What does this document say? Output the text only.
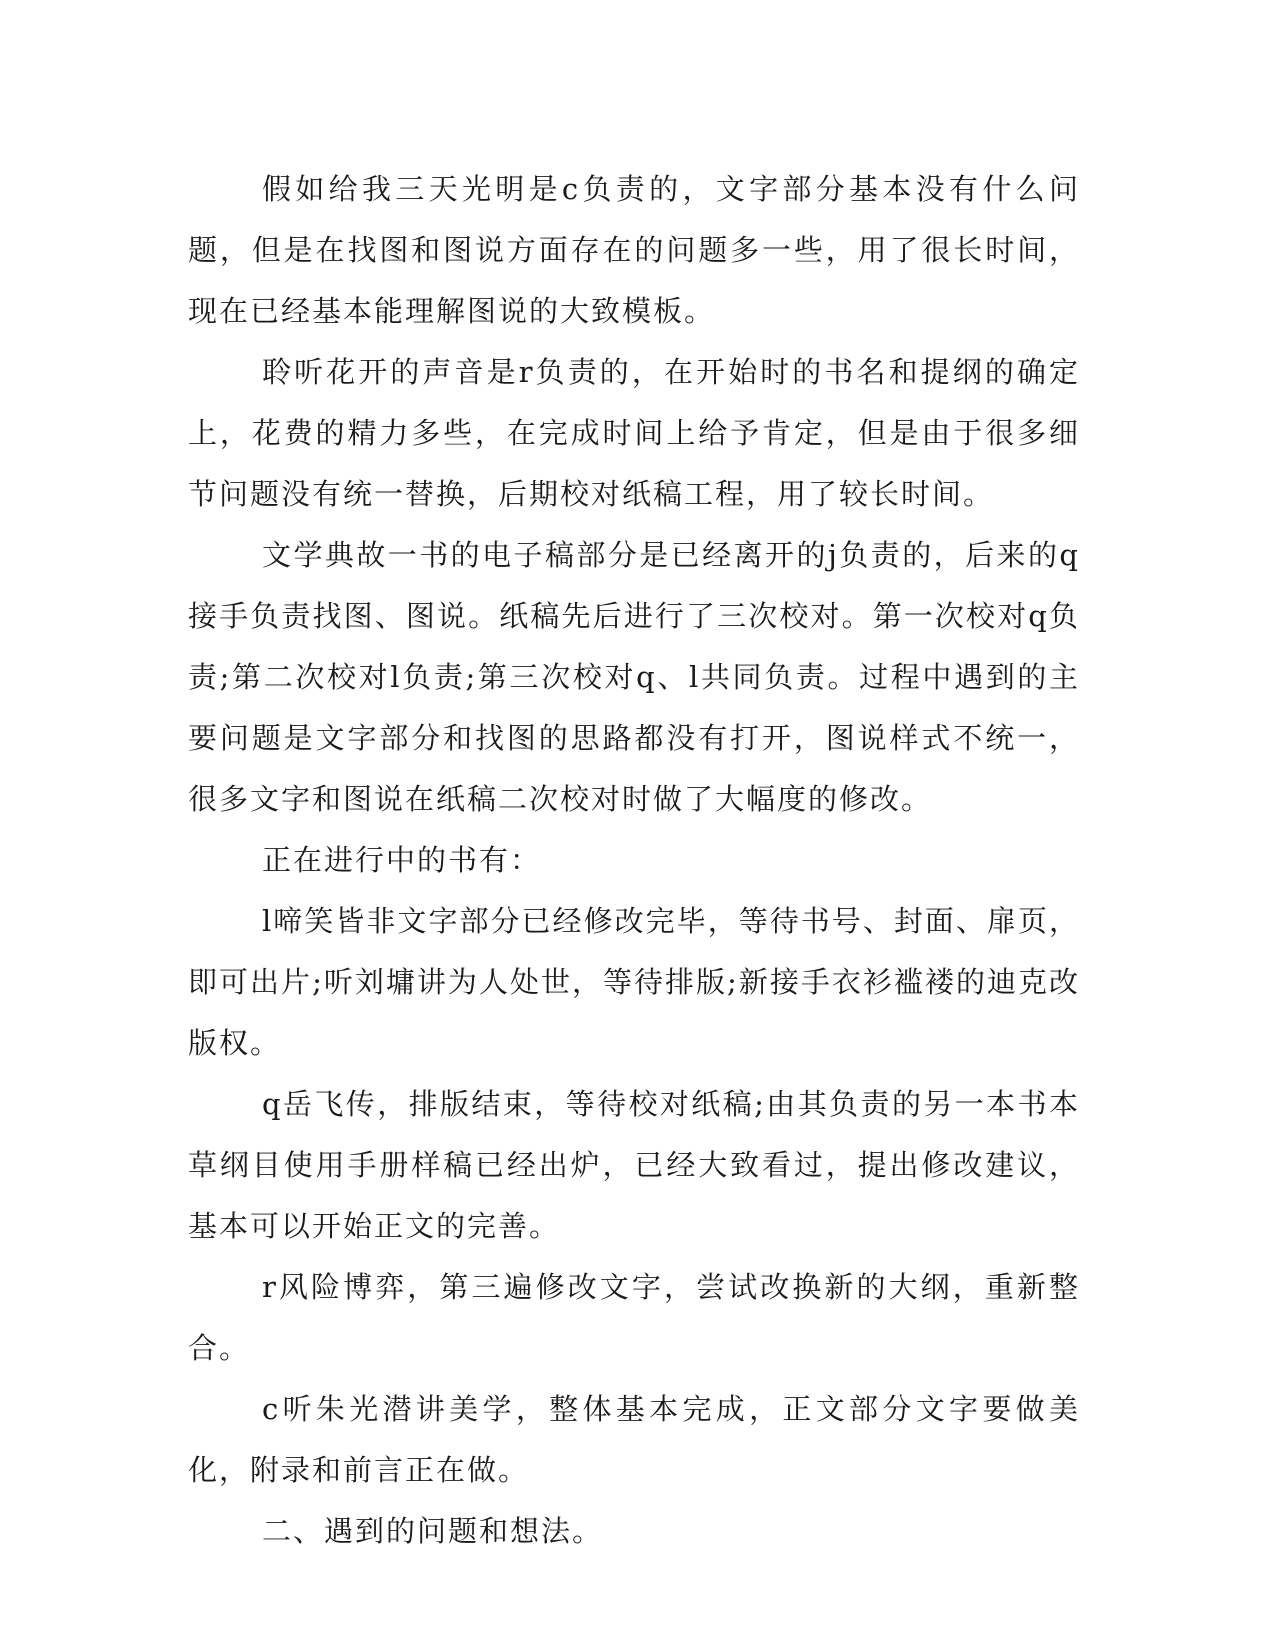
假如给我三天光明是c负责的，文字部分基本没有什么问题，但是在找图和图说方面存在的问题多一些，用了很长时间，现在已经基本能理解图说的大致模板。

聆听花开的声音是r负责的，在开始时的书名和提纲的确定上，花费的精力多些，在完成时间上给予肯定，但是由于很多细节问题没有统一替换，后期校对纸稿工程，用了较长时间。

文学典故一书的电子稿部分是已经离开的j负责的，后来的q接手负责找图、图说。纸稿先后进行了三次校对。第一次校对q负责;第二次校对l负责;第三次校对q、l共同负责。过程中遇到的主要问题是文字部分和找图的思路都没有打开，图说样式不统一，很多文字和图说在纸稿二次校对时做了大幅度的修改。

正在进行中的书有：

l啼笑皆非文字部分已经修改完毕，等待书号、封面、扉页，即可出片;听刘墉讲为人处世，等待排版;新接手衣衫褴褛的迪克改版权。

q岳飞传，排版结束，等待校对纸稿;由其负责的另一本书本草纲目使用手册样稿已经出炉，已经大致看过，提出修改建议，基本可以开始正文的完善。

r风险博弈，第三遍修改文字，尝试改换新的大纲，重新整合。

c听朱光潜讲美学，整体基本完成，正文部分文字要做美化，附录和前言正在做。

二、遇到的问题和想法。
